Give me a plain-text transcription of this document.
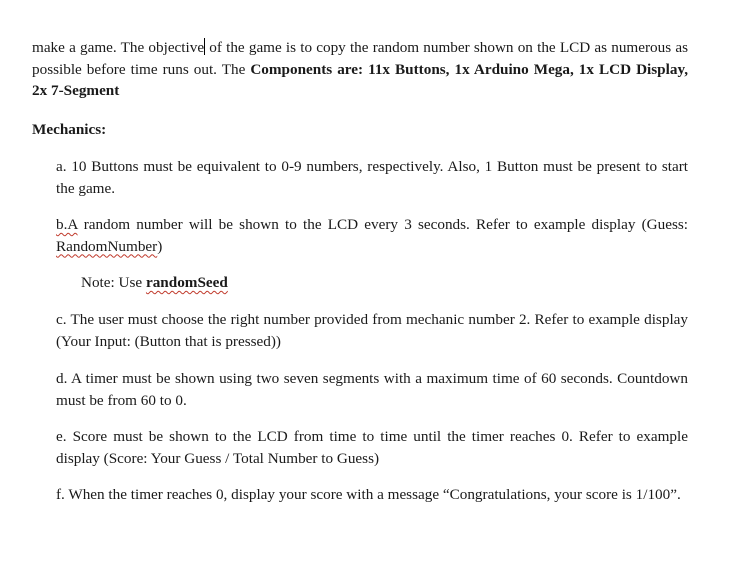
make a game. The objective of the game is to copy the random number shown on the LCD as numerous as possible before time runs out. The Components are: 11x Buttons, 1x Arduino Mega, 1x LCD Display, 2x 7-Segment

Mechanics:

a. 10 Buttons must be equivalent to 0-9 numbers, respectively. Also, 1 Button must be present to start the game.

b.A random number will be shown to the LCD every 3 seconds. Refer to example display (Guess: RandomNumber)

Note: Use randomSeed

c. The user must choose the right number provided from mechanic number 2. Refer to example display (Your Input: (Button that is pressed))

d. A timer must be shown using two seven segments with a maximum time of 60 seconds. Countdown must be from 60 to 0.

e. Score must be shown to the LCD from time to time until the timer reaches 0. Refer to example display (Score: Your Guess / Total Number to Guess)

f. When the timer reaches 0, display your score with a message “Congratulations, your score is 1/100”.
